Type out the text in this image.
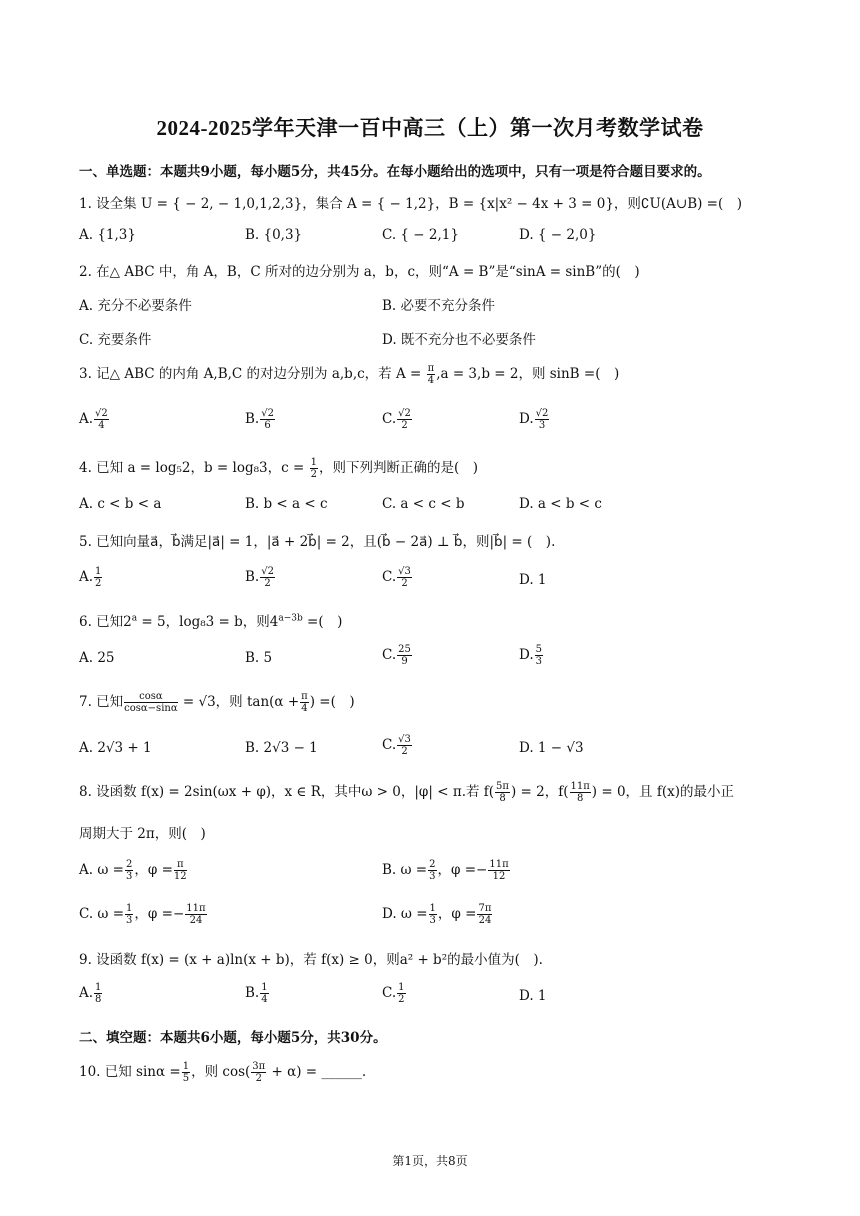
2024-2025学年天津一百中高三（上）第一次月考数学试卷
一、单选题：本题共9小题，每小题5分，共45分。在每小题给出的选项中，只有一项是符合题目要求的。
1. 设全集 U = { − 2, − 1,0,1,2,3}，集合 A = { − 1,2}，B = {x|x² − 4x + 3 = 0}，则∁U(A∪B) =(　)
A. {1,3}	B. {0,3}	C. { − 2,1}	D. { − 2,0}
2. 在△ ABC 中，角 A，B，C 所对的边分别为 a，b，c，则“A = B”是“sinA = sinB”的(　)
A. 充分不必要条件	B. 必要不充分条件
C. 充要条件	D. 既不充分也不必要条件
3. 记△ ABC 的内角 A,B,C 的对边分别为 a,b,c，若 $A = \frac{\pi}{4} ,a = 3,b = 2$，则 sinB =(　)
A. $\frac{√2}{4}$	B. $\frac{√2}{6}$	C. $\frac{√2}{2}$	D. $\frac{√2}{3}$
4. 已知 a = log₅2，b = log₈3，$c = \frac{1}{2}$ ，则下列判断正确的是(　)
A. c < b < a	B. b < a < c	C. a < c < b	D. a < b < c
5. 已知向量a⃗，b⃗满足|a⃗| = 1，|a⃗ + 2b⃗| = 2，且(b⃗ − 2a⃗) ⊥ b⃗，则|b⃗| = (　).
A. $\frac{1}{2}$	B. $\frac{√2}{2}$	C. $\frac{√3}{2}$	D. 1
6. 已知$2^a = 5$，log₈3 = b，则$4^{a-3b}$ =(　)
A. 25	B. 5	C. $\frac{25}{9}$	D. $\frac{5}{3}$
7. 已知 $\frac{\cos\alpha}{\cos\alpha-\sin\alpha} = √3$，则 $\tan(\alpha + \frac{\pi}{4}$ ) =(　)
A. 2√3 + 1	B. 2√3 − 1	C. $\frac{√3}{2}$	D. 1 − √3
8. 设函数 f(x) = 2sin(ωx + φ)，x ∈ R，其中ω > 0，|φ| < π.若 $f( \frac{5\pi}{8}$ ) = 2，$f( \frac{11\pi}{8}$ ) = 0，且 f(x)的最小正
周期大于 2π，则(　)
A. $\omega = \frac{2}{3}$ ，$\varphi = \frac{\pi}{12}$	B. $\omega = \frac{2}{3}$ ，$\varphi =- \frac{11\pi}{12}$
C. $\omega = \frac{1}{3}$ ，$\varphi =- \frac{11\pi}{24}$	D. $\omega = \frac{1}{3}$ ，$\varphi = \frac{7\pi}{24}$
9. 设函数 f(x) = (x + a)ln(x + b)，若 f(x) ≥ 0，则a² + b²的最小值为(　).
A. $\frac{1}{8}$	B. $\frac{1}{4}$	C. $\frac{1}{2}$	D. 1
二、填空题：本题共6小题，每小题5分，共30分。
10. 已知 $\sin\alpha = \frac{1}{5}$ ，则 $\cos( \frac{3\pi}{2} + \alpha)$ = ______.
第1页，共8页
